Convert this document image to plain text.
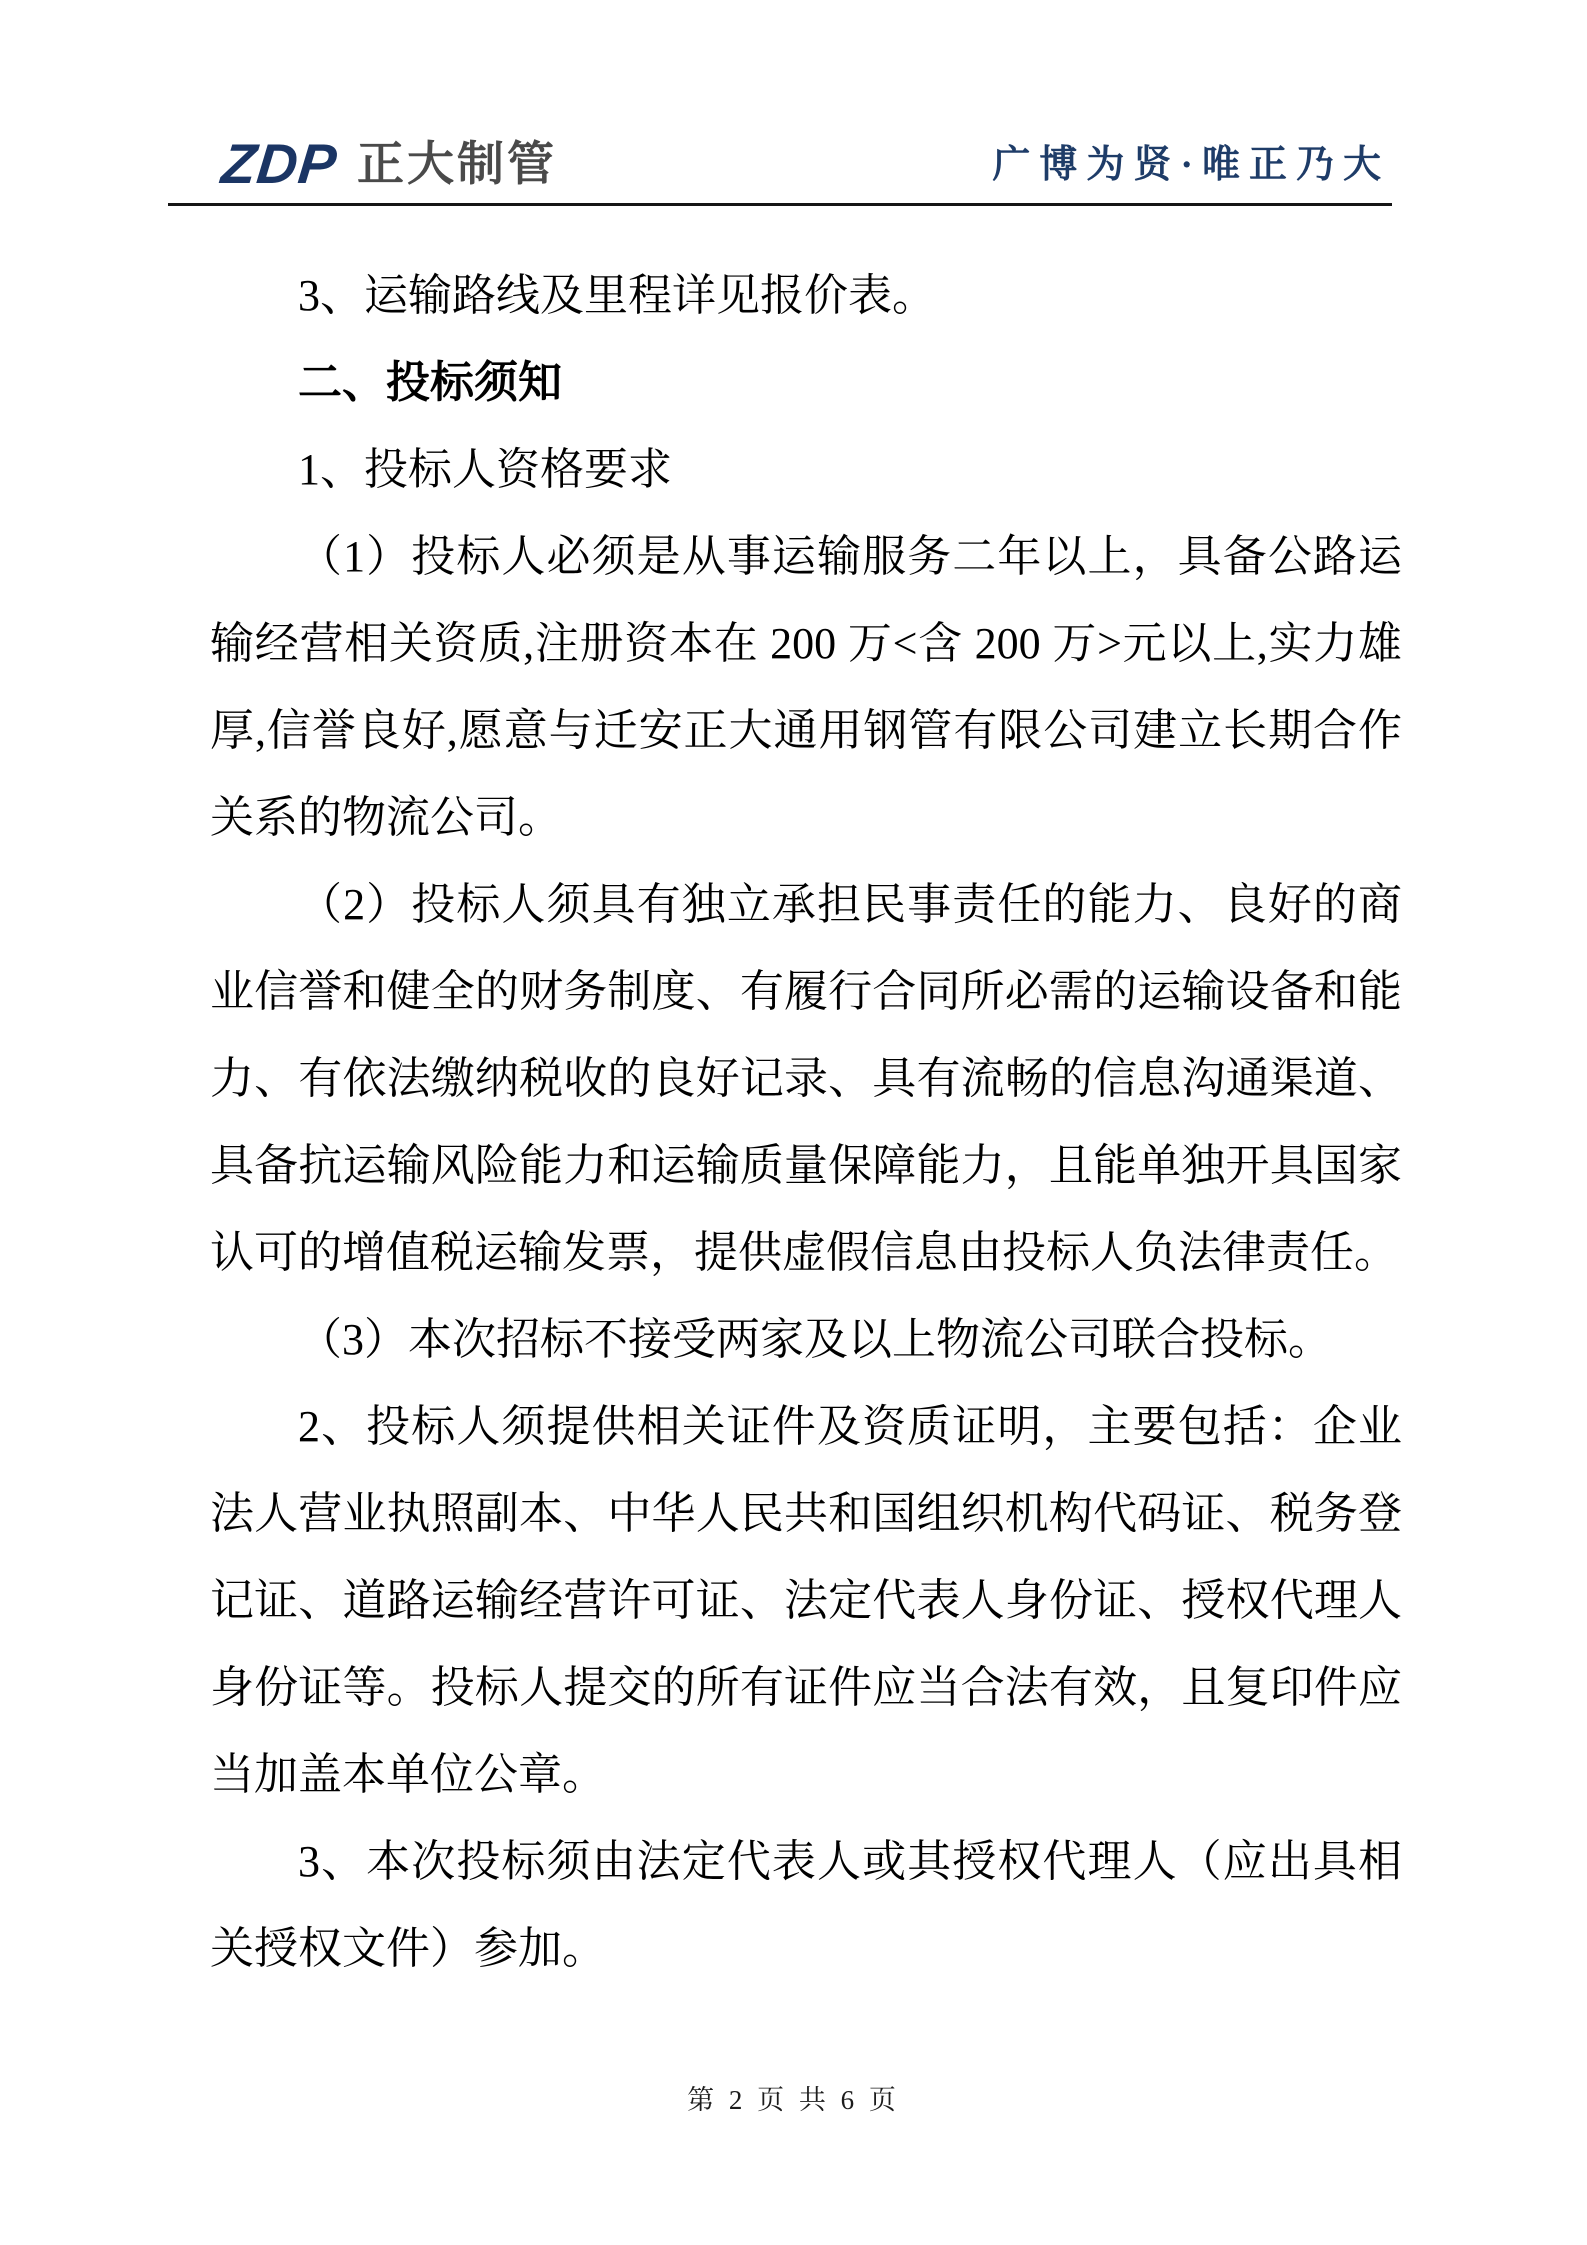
ZDP 正大制管	广博为贤·唯正乃大

3、运输路线及里程详见报价表。

二、投标须知

1、投标人资格要求

（1）投标人必须是从事运输服务二年以上，具备公路运输经营相关资质,注册资本在 200 万<含 200 万>元以上,实力雄厚,信誉良好,愿意与迁安正大通用钢管有限公司建立长期合作关系的物流公司。

（2）投标人须具有独立承担民事责任的能力、良好的商业信誉和健全的财务制度、有履行合同所必需的运输设备和能力、有依法缴纳税收的良好记录、具有流畅的信息沟通渠道、具备抗运输风险能力和运输质量保障能力，且能单独开具国家认可的增值税运输发票，提供虚假信息由投标人负法律责任。

（3）本次招标不接受两家及以上物流公司联合投标。

2、投标人须提供相关证件及资质证明，主要包括：企业法人营业执照副本、中华人民共和国组织机构代码证、税务登记证、道路运输经营许可证、法定代表人身份证、授权代理人身份证等。投标人提交的所有证件应当合法有效，且复印件应当加盖本单位公章。

3、本次投标须由法定代表人或其授权代理人（应出具相关授权文件）参加。

第 2 页 共 6 页
